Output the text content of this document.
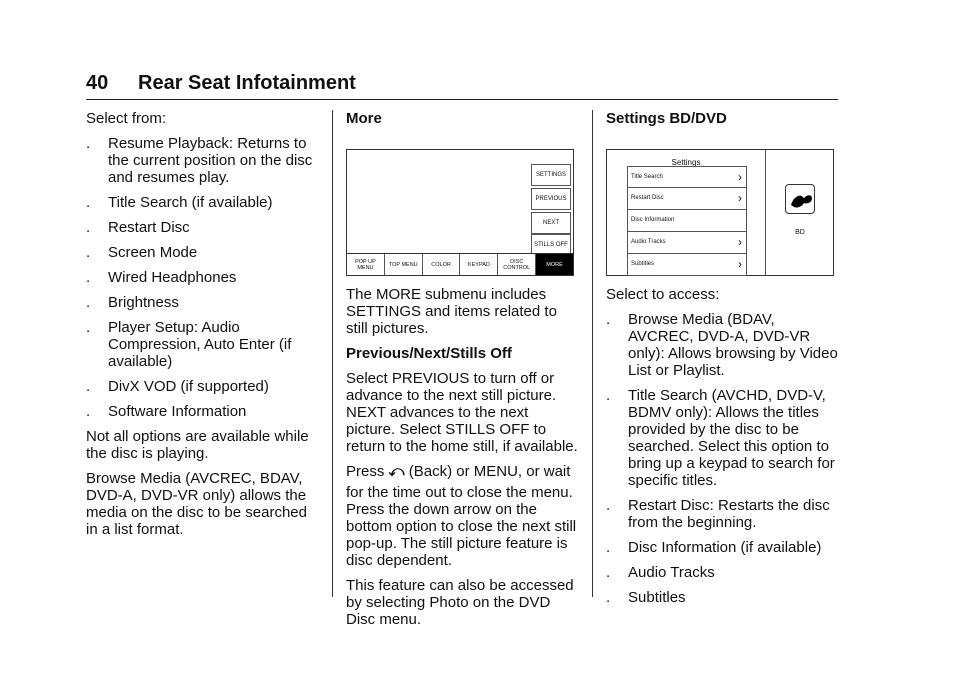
40 Rear Seat Infotainment

Select from:

. Resume Playback: Returns to the current position on the disc and resumes play.
. Title Search (if available)
. Restart Disc
. Screen Mode
. Wired Headphones
. Brightness
. Player Setup: Audio Compression, Auto Enter (if available)
. DivX VOD (if supported)
. Software Information

Not all options are available while the disc is playing.

Browse Media (AVCREC, BDAV, DVD-A, DVD-VR only) allows the media on the disc to be searched in a list format.

More
SETTINGS
PREVIOUS
NEXT
STILLS OFF
POP UP MENU	TOP MENU	COLOR	KEYPAD	DISC CONTROL	MORE

The MORE submenu includes SETTINGS and items related to still pictures.

Previous/Next/Stills Off

Select PREVIOUS to turn off or advance to the next still picture. NEXT advances to the next picture. Select STILLS OFF to return to the home still, if available.

Press ⤺ (Back) or MENU, or wait

for the time out to close the menu. Press the down arrow on the bottom option to close the next still pop-up. The still picture feature is disc dependent.

This feature can also be accessed by selecting Photo on the DVD Disc menu.

Settings BD/DVD
Settings
Title Search	›
Restart Disc	›
Disc Information
Audio Tracks	›
Subtitles	›
BD

Select to access:

. Browse Media (BDAV, AVCREC, DVD-A, DVD-VR only): Allows browsing by Video List or Playlist.
. Title Search (AVCHD, DVD-V, BDMV only): Allows the titles provided by the disc to be searched. Select this option to bring up a keypad to search for specific titles.
. Restart Disc: Restarts the disc from the beginning.
. Disc Information (if available)
. Audio Tracks
. Subtitles
